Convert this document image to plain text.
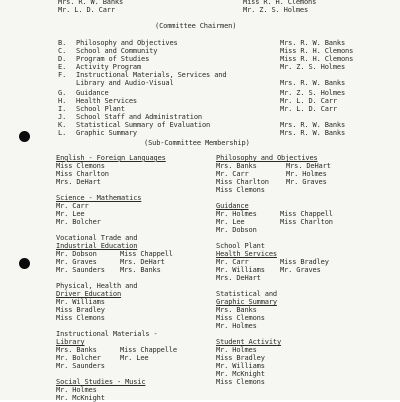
Mrs. R. W. Banks
Mr. L. D. Carr
Miss R. H. Clemons
Mr. Z. S. Holmes
(Committee Chairmen)
B. Philosophy and Objectives	Mrs. R. W. Banks
C. School and Community	Miss R. H. Clemons
D. Program of Studies	Miss R. H. Clemons
E. Activity Program	Mr. Z. S. Holmes
F. Instructional Materials, Services and
Library and Audio-Visual	Mrs. R. W. Banks
G. Guidance	Mr. Z. S. Holmes
H. Health Services	Mr. L. D. Carr
I. School Plant	Mr. L. D. Carr
J. School Staff and Administration
K. Statistical Summary of Evaluation	Mrs. R. W. Banks
L. Graphic Summary	Mrs. R. W. Banks
(Sub-Committee Membership)
English - Foreign Languages
Miss Clemons
Miss Charlton
Mrs. DeHart
Science - Mathematics
Mr. Carr
Mr. Lee
Mr. Bolcher
Vocational Trade and
Industrial Education
Mr. Dobson	Miss Chappell
Mr. Graves	Mrs. DeHart
Mr. Saunders	Mrs. Banks
Physical, Health and
Driver Education
Mr. Williams
Miss Bradley
Miss Clemons
Instructional Materials -
Library
Mrs. Banks	Miss Chappelle
Mr. Bolcher	Mr. Lee
Mr. Saunders
Social Studies - Music
Mr. Holmes
Mr. McKnight
Philosophy and Objectives
Mrs. Banks	Mrs. DeHart
Mr. Carr	Mr. Holmes
Miss Charlton	Mr. Graves
Miss Clemons
Guidance
Mr. Holmes	Miss Chappell
Mr. Lee	Miss Charlton
Mr. Dobson
School Plant
Health Services
Mr. Carr	Miss Bradley
Mr. Williams	Mr. Graves
Mrs. DeHart
Statistical and
Graphic Summary
Mrs. Banks
Miss Clemons
Mr. Holmes
Student Activity
Mr. Holmes
Miss Bradley
Mr. Williams
Mr. McKnight
Miss Clemons
